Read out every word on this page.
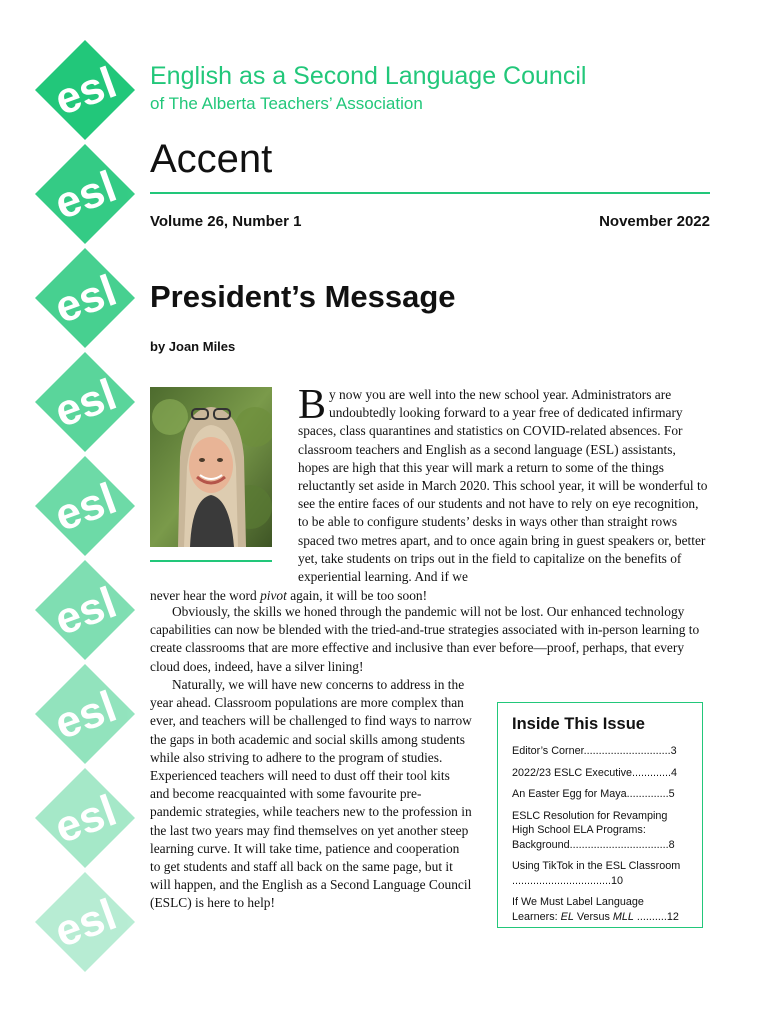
esl
esl
esl
esl
esl
esl
esl
esl
esl
English as a Second Language Council
of The Alberta Teachers’ Association
Accent
Volume 26, Number 1	November 2022
President’s Message
by Joan Miles
By now you are well into the new school year. Administrators are undoubtedly looking forward to a year free of dedicated infirmary spaces, class quarantines and statistics on COVID-related absences. For classroom teachers and English as a second language (ESL) assistants, hopes are high that this year will mark a return to some of the things reluctantly set aside in March 2020. This school year, it will be wonderful to see the entire faces of our students and not have to rely on eye recognition, to be able to configure students’ desks in ways other than straight rows spaced two metres apart, and to once again bring in guest speakers or, better yet, take students on trips out in the field to capitalize on the benefits of experiential learning. And if we
never hear the word pivot again, it will be too soon!
Obviously, the skills we honed through the pandemic will not be lost. Our enhanced technology capabilities can now be blended with the tried-and-true strategies associated with in-person learning to create classrooms that are more effective and inclusive than ever before—proof, perhaps, that every cloud does, indeed, have a silver lining!
Naturally, we will have new concerns to address in the year ahead. Classroom populations are more complex than ever, and teachers will be challenged to find ways to narrow the gaps in both academic and social skills among students while also striving to adhere to the program of studies. Experienced teachers will need to dust off their tool kits and become reacquainted with some favourite pre-pandemic strategies, while teachers new to the profession in the last two years may find themselves on yet another steep learning curve. It will take time, patience and cooperation to get students and staff all back on the same page, but it will happen, and the English as a Second Language Council (ESLC) is here to help!
Inside This Issue
Editor’s Corner.............................3
2022/23 ESLC Executive.............4
An Easter Egg for Maya..............5
ESLC Resolution for Revamping High School ELA Programs: Background.................................8
Using TikTok in the ESL Classroom .................................10
If We Must Label Language Learners: EL Versus MLL ..........12
